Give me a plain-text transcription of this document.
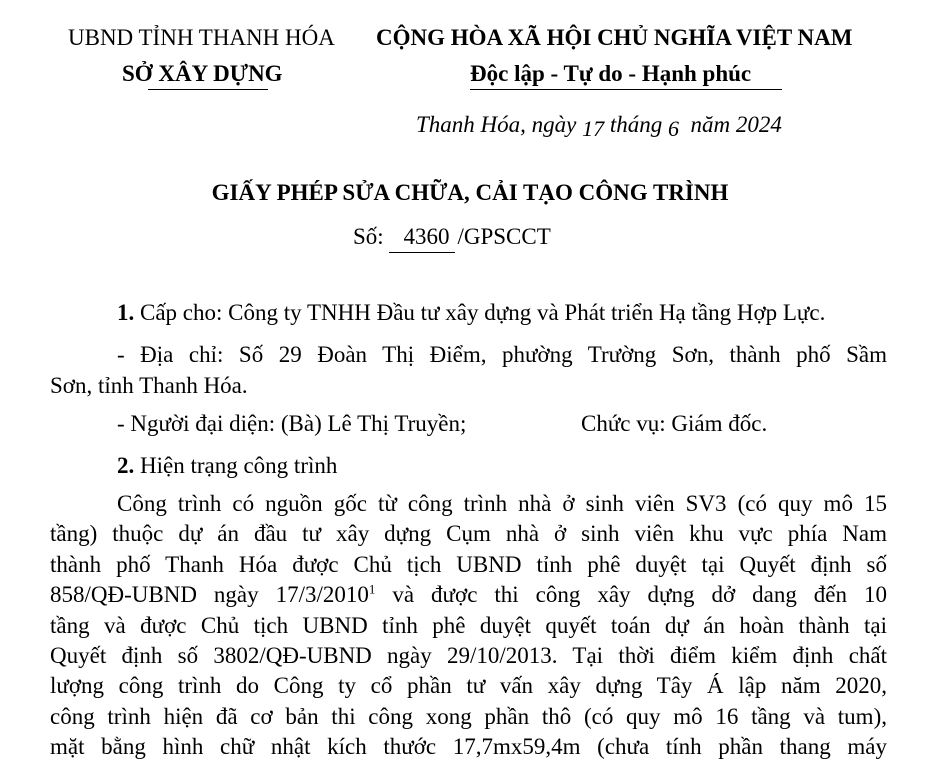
UBND TỈNH THANH HÓA
SỞ XÂY DỰNG
CỘNG HÒA XÃ HỘI CHỦ NGHĨA VIỆT NAM
Độc lập - Tự do - Hạnh phúc
Thanh Hóa, ngày 17 tháng 6  năm 2024
GIẤY PHÉP SỬA CHỮA, CẢI TẠO CÔNG TRÌNH
Số: 4360 /GPSCCT
1. Cấp cho: Công ty TNHH Đầu tư xây dựng và Phát triển Hạ tầng Hợp Lực.
- Địa chỉ: Số 29 Đoàn Thị Điểm, phường Trường Sơn, thành phố Sầm
Sơn, tỉnh Thanh Hóa.
- Người đại diện: (Bà) Lê Thị Truyền;	Chức vụ: Giám đốc.
2. Hiện trạng công trình
Công trình có nguồn gốc từ công trình nhà ở sinh viên SV3 (có quy mô 15
tầng) thuộc dự án đầu tư xây dựng Cụm nhà ở sinh viên khu vực phía Nam
thành phố Thanh Hóa được Chủ tịch UBND tỉnh phê duyệt tại Quyết định số
858/QĐ-UBND ngày 17/3/2010$^1$ và được thi công xây dựng dở dang đến 10
tầng và được Chủ tịch UBND tỉnh phê duyệt quyết toán dự án hoàn thành tại
Quyết định số 3802/QĐ-UBND ngày 29/10/2013. Tại thời điểm kiểm định chất
lượng công trình do Công ty cổ phần tư vấn xây dựng Tây Á lập năm 2020,
công trình hiện đã cơ bản thi công xong phần thô (có quy mô 16 tầng và tum),
mặt bằng hình chữ nhật kích thước 17,7mx59,4m (chưa tính phần thang máy
